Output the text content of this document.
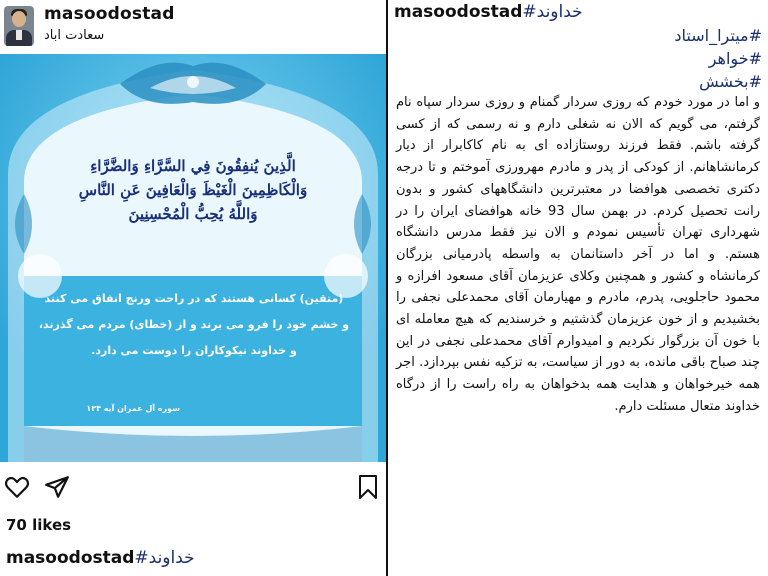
masoodostad
سعادت اباد
الَّذِينَ يُنفِقُونَ فِي السَّرَّاءِ وَالضَّرَّاءِ
وَالْكَاظِمِينَ الْغَيْظَ وَالْعَافِينَ عَنِ النَّاسِ
وَاللَّهُ يُحِبُّ الْمُحْسِنِينَ
(متقین) کسانی هستند که در راحت ورنج انفاق می کنند
و خشم خود را فرو می برند و از (خطای) مردم می گذرند،
و خداوند نیکوکاران را دوست می دارد.
سوره آل عمران آیه ۱۳۴
70 likes
masoodostad#خداوند
masoodostad#خداوند
#میترا_استاد
#خواهر
#بخشش
و اما در مورد خودم که روزی سردار گمنام و روزی سردار سپاه نام گرفتم، می گویم که الان نه شغلی دارم و نه رسمی که از کسی گرفته باشم. فقط فرزند روستازاده ای به نام کاکابرار از دیار کرمانشاهانم. از کودکی از پدر و مادرم مهرورزی آموختم و تا درجه دکتری تخصصی هوافضا در معتبرترین دانشگاههای کشور و بدون رانت تحصیل کردم. در بهمن سال 93 خانه هوافضای ایران را در شهرداری تهران تأسیس نمودم و الان نیز فقط مدرس دانشگاه هستم. و اما در آخر داستانمان به واسطه پادرمیانی بزرگان کرمانشاه و کشور و همچنین وکلای عزیزمان آقای مسعود افرازه و محمود حاجلویی، پدرم، مادرم و مهیارمان آقای محمدعلی نجفی را بخشیدیم و از خون عزیزمان گذشتیم و خرسندیم که هیچ معامله ای با خون آن بزرگوار نکردیم و امیدوارم آقای محمدعلی نجفی در این چند صباح باقی مانده، به دور از سیاست، به تزکیه نفس بپردازد. اجر همه خیرخواهان و هدایت همه بدخواهان به راه راست را از درگاه خداوند متعال مسئلت دارم.
